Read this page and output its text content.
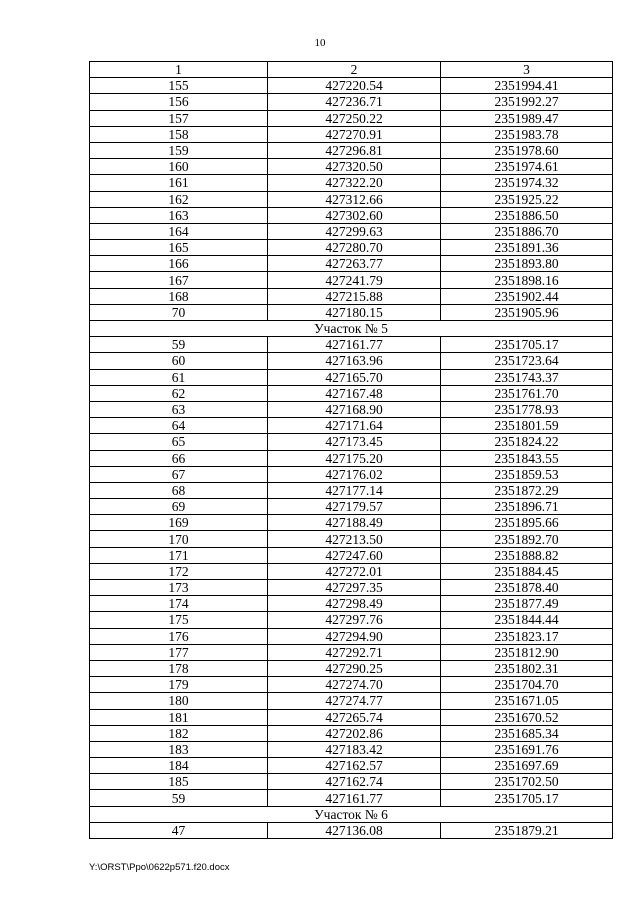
10
1	2	3
155	427220.54	2351994.41
156	427236.71	2351992.27
157	427250.22	2351989.47
158	427270.91	2351983.78
159	427296.81	2351978.60
160	427320.50	2351974.61
161	427322.20	2351974.32
162	427312.66	2351925.22
163	427302.60	2351886.50
164	427299.63	2351886.70
165	427280.70	2351891.36
166	427263.77	2351893.80
167	427241.79	2351898.16
168	427215.88	2351902.44
70	427180.15	2351905.96
Участок № 5		
59	427161.77	2351705.17
60	427163.96	2351723.64
61	427165.70	2351743.37
62	427167.48	2351761.70
63	427168.90	2351778.93
64	427171.64	2351801.59
65	427173.45	2351824.22
66	427175.20	2351843.55
67	427176.02	2351859.53
68	427177.14	2351872.29
69	427179.57	2351896.71
169	427188.49	2351895.66
170	427213.50	2351892.70
171	427247.60	2351888.82
172	427272.01	2351884.45
173	427297.35	2351878.40
174	427298.49	2351877.49
175	427297.76	2351844.44
176	427294.90	2351823.17
177	427292.71	2351812.90
178	427290.25	2351802.31
179	427274.70	2351704.70
180	427274.77	2351671.05
181	427265.74	2351670.52
182	427202.86	2351685.34
183	427183.42	2351691.76
184	427162.57	2351697.69
185	427162.74	2351702.50
59	427161.77	2351705.17
Участок № 6		
47	427136.08	2351879.21
Y:\ORST\Ppo\0622p571.f20.docx
